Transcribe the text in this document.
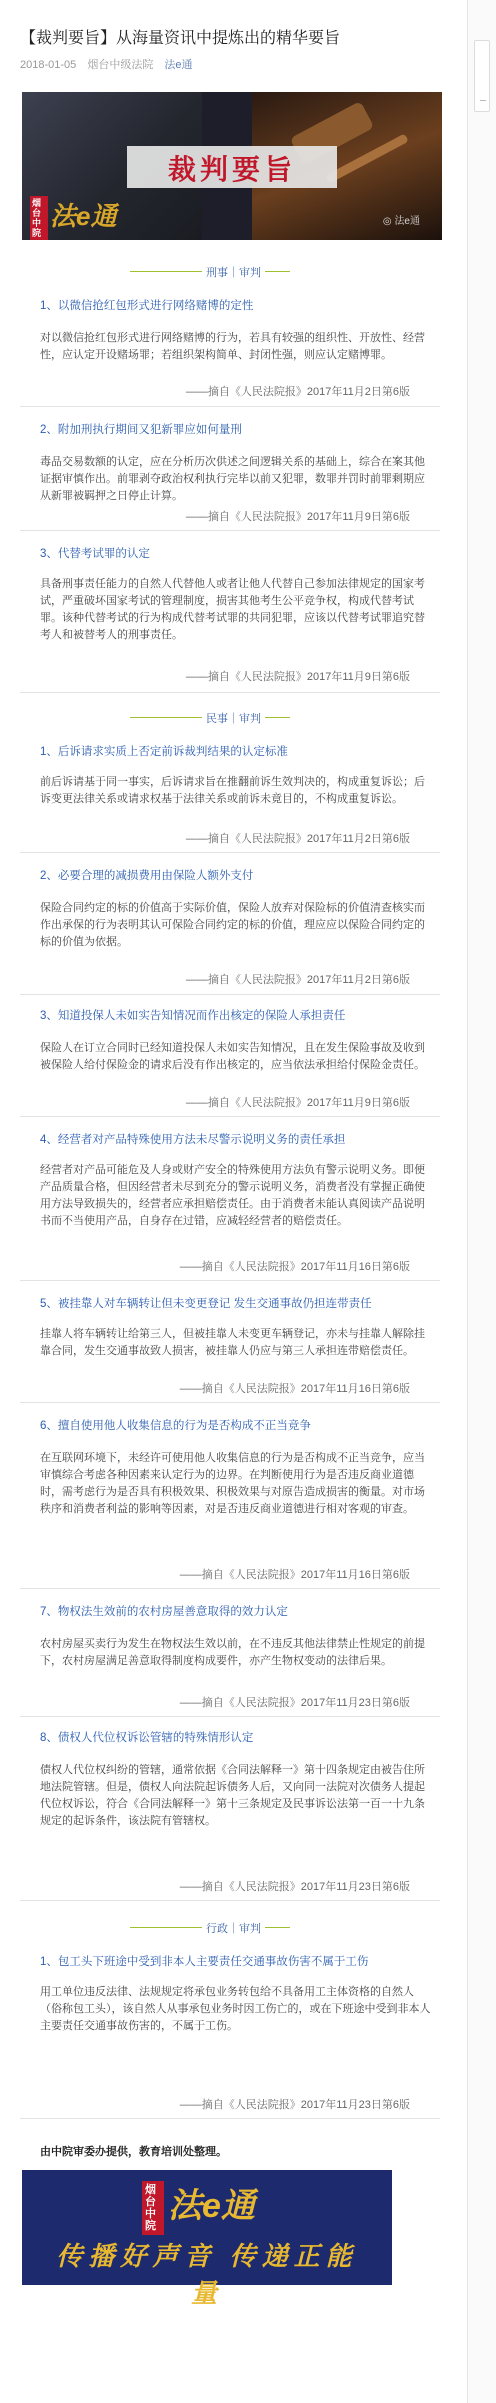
【裁判要旨】从海量资讯中提炼出的精华要旨
2018-01-05 烟台中级法院 法e通
裁判要旨
烟台中院法e通	◎ 法e通
刑事｜审判
1、以微信抢红包形式进行网络赌博的定性
对以微信抢红包形式进行网络赌博的行为，若具有较强的组织性、开放性、经营性，应认定开设赌场罪；若组织架构简单、封闭性强，则应认定赌博罪。
——摘自《人民法院报》2017年11月2日第6版
2、附加刑执行期间又犯新罪应如何量刑
毒品交易数额的认定，应在分析历次供述之间逻辑关系的基础上，综合在案其他证据审慎作出。前罪剥夺政治权利执行完毕以前又犯罪，数罪并罚时前罪剩期应从新罪被羁押之日停止计算。
——摘自《人民法院报》2017年11月9日第6版
3、代替考试罪的认定
具备刑事责任能力的自然人代替他人或者让他人代替自己参加法律规定的国家考试，严重破坏国家考试的管理制度，损害其他考生公平竞争权，构成代替考试罪。该种代替考试的行为构成代替考试罪的共同犯罪，应该以代替考试罪追究替考人和被替考人的刑事责任。
——摘自《人民法院报》2017年11月9日第6版
民事｜审判
1、后诉请求实质上否定前诉裁判结果的认定标准
前后诉请基于同一事实，后诉请求旨在推翻前诉生效判决的，构成重复诉讼；后诉变更法律关系或请求权基于法律关系或前诉未竟目的，不构成重复诉讼。
——摘自《人民法院报》2017年11月2日第6版
2、必要合理的减损费用由保险人额外支付
保险合同约定的标的价值高于实际价值，保险人放弃对保险标的价值清查核实而作出承保的行为表明其认可保险合同约定的标的价值，理应应以保险合同约定的标的价值为依据。
——摘自《人民法院报》2017年11月2日第6版
3、知道投保人未如实告知情况而作出核定的保险人承担责任
保险人在订立合同时已经知道投保人未如实告知情况，且在发生保险事故及收到被保险人给付保险金的请求后没有作出核定的，应当依法承担给付保险金责任。
——摘自《人民法院报》2017年11月9日第6版
4、经营者对产品特殊使用方法未尽警示说明义务的责任承担
经营者对产品可能危及人身或财产安全的特殊使用方法负有警示说明义务。即便产品质量合格，但因经营者未尽到充分的警示说明义务，消费者没有掌握正确使用方法导致损失的，经营者应承担赔偿责任。由于消费者未能认真阅读产品说明书而不当使用产品，自身存在过错，应减轻经营者的赔偿责任。
——摘自《人民法院报》2017年11月16日第6版
5、被挂靠人对车辆转让但未变更登记 发生交通事故仍担连带责任
挂靠人将车辆转让给第三人，但被挂靠人未变更车辆登记，亦未与挂靠人解除挂靠合同，发生交通事故致人损害，被挂靠人仍应与第三人承担连带赔偿责任。
——摘自《人民法院报》2017年11月16日第6版
6、擅自使用他人收集信息的行为是否构成不正当竞争
在互联网环境下，未经许可使用他人收集信息的行为是否构成不正当竞争，应当审慎综合考虑各种因素来认定行为的边界。在判断使用行为是否违反商业道德时，需考虑行为是否具有积极效果、积极效果与对原告造成损害的衡量。对市场秩序和消费者利益的影响等因素，对是否违反商业道德进行相对客观的审查。
——摘自《人民法院报》2017年11月16日第6版
7、物权法生效前的农村房屋善意取得的效力认定
农村房屋买卖行为发生在物权法生效以前，在不违反其他法律禁止性规定的前提下，农村房屋满足善意取得制度构成要件，亦产生物权变动的法律后果。
——摘自《人民法院报》2017年11月23日第6版
8、债权人代位权诉讼管辖的特殊情形认定
债权人代位权纠纷的管辖，通常依据《合同法解释一》第十四条规定由被告住所地法院管辖。但是，债权人向法院起诉债务人后，又向同一法院对次债务人提起代位权诉讼，符合《合同法解释一》第十三条规定及民事诉讼法第一百一十九条规定的起诉条件，该法院有管辖权。
——摘自《人民法院报》2017年11月23日第6版
行政｜审判
1、包工头下班途中受到非本人主要责任交通事故伤害不属于工伤
用工单位违反法律、法规规定将承包业务转包给不具备用工主体资格的自然人（俗称包工头），该自然人从事承包业务时因工伤亡的，或在下班途中受到非本人主要责任交通事故伤害的，不属于工伤。
——摘自《人民法院报》2017年11月23日第6版
由中院审委办提供，教育培训处整理。
烟台中院法e通
传播好声音 传递正能量
